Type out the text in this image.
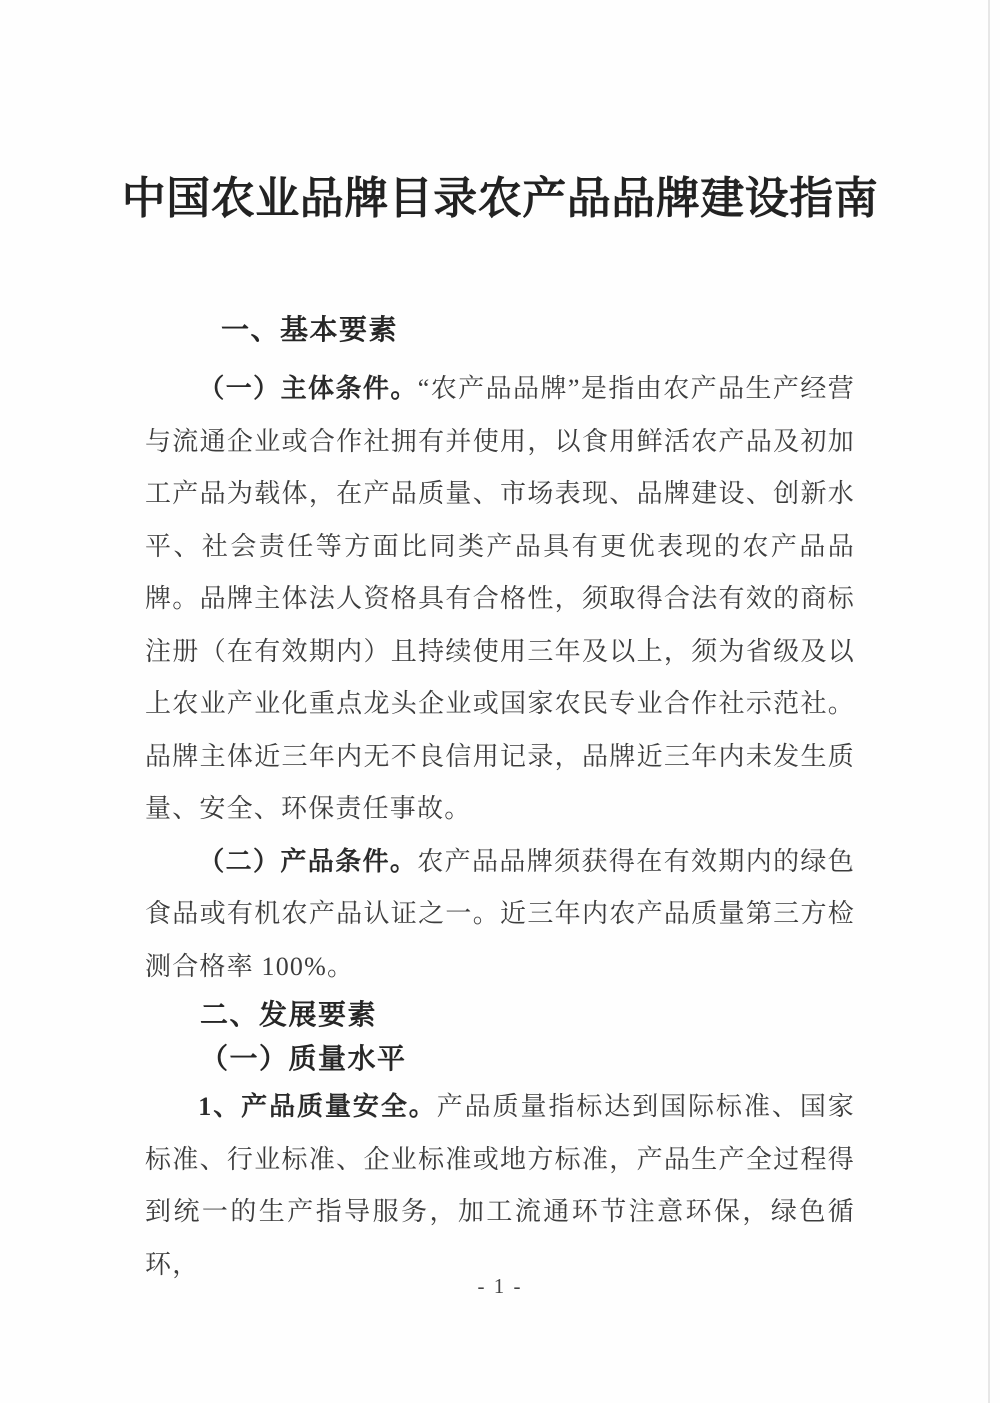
中国农业品牌目录农产品品牌建设指南
一、基本要素

（一）主体条件。“农产品品牌”是指由农产品生产经营与流通企业或合作社拥有并使用，以食用鲜活农产品及初加工产品为载体，在产品质量、市场表现、品牌建设、创新水平、社会责任等方面比同类产品具有更优表现的农产品品牌。品牌主体法人资格具有合格性，须取得合法有效的商标注册（在有效期内）且持续使用三年及以上，须为省级及以上农业产业化重点龙头企业或国家农民专业合作社示范社。品牌主体近三年内无不良信用记录，品牌近三年内未发生质量、安全、环保责任事故。

（二）产品条件。农产品品牌须获得在有效期内的绿色食品或有机农产品认证之一。近三年内农产品质量第三方检测合格率 100%。

二、发展要素
（一）质量水平

1、产品质量安全。产品质量指标达到国际标准、国家标准、行业标准、企业标准或地方标准，产品生产全过程得到统一的生产指导服务，加工流通环节注意环保，绿色循环，

- 1 -
